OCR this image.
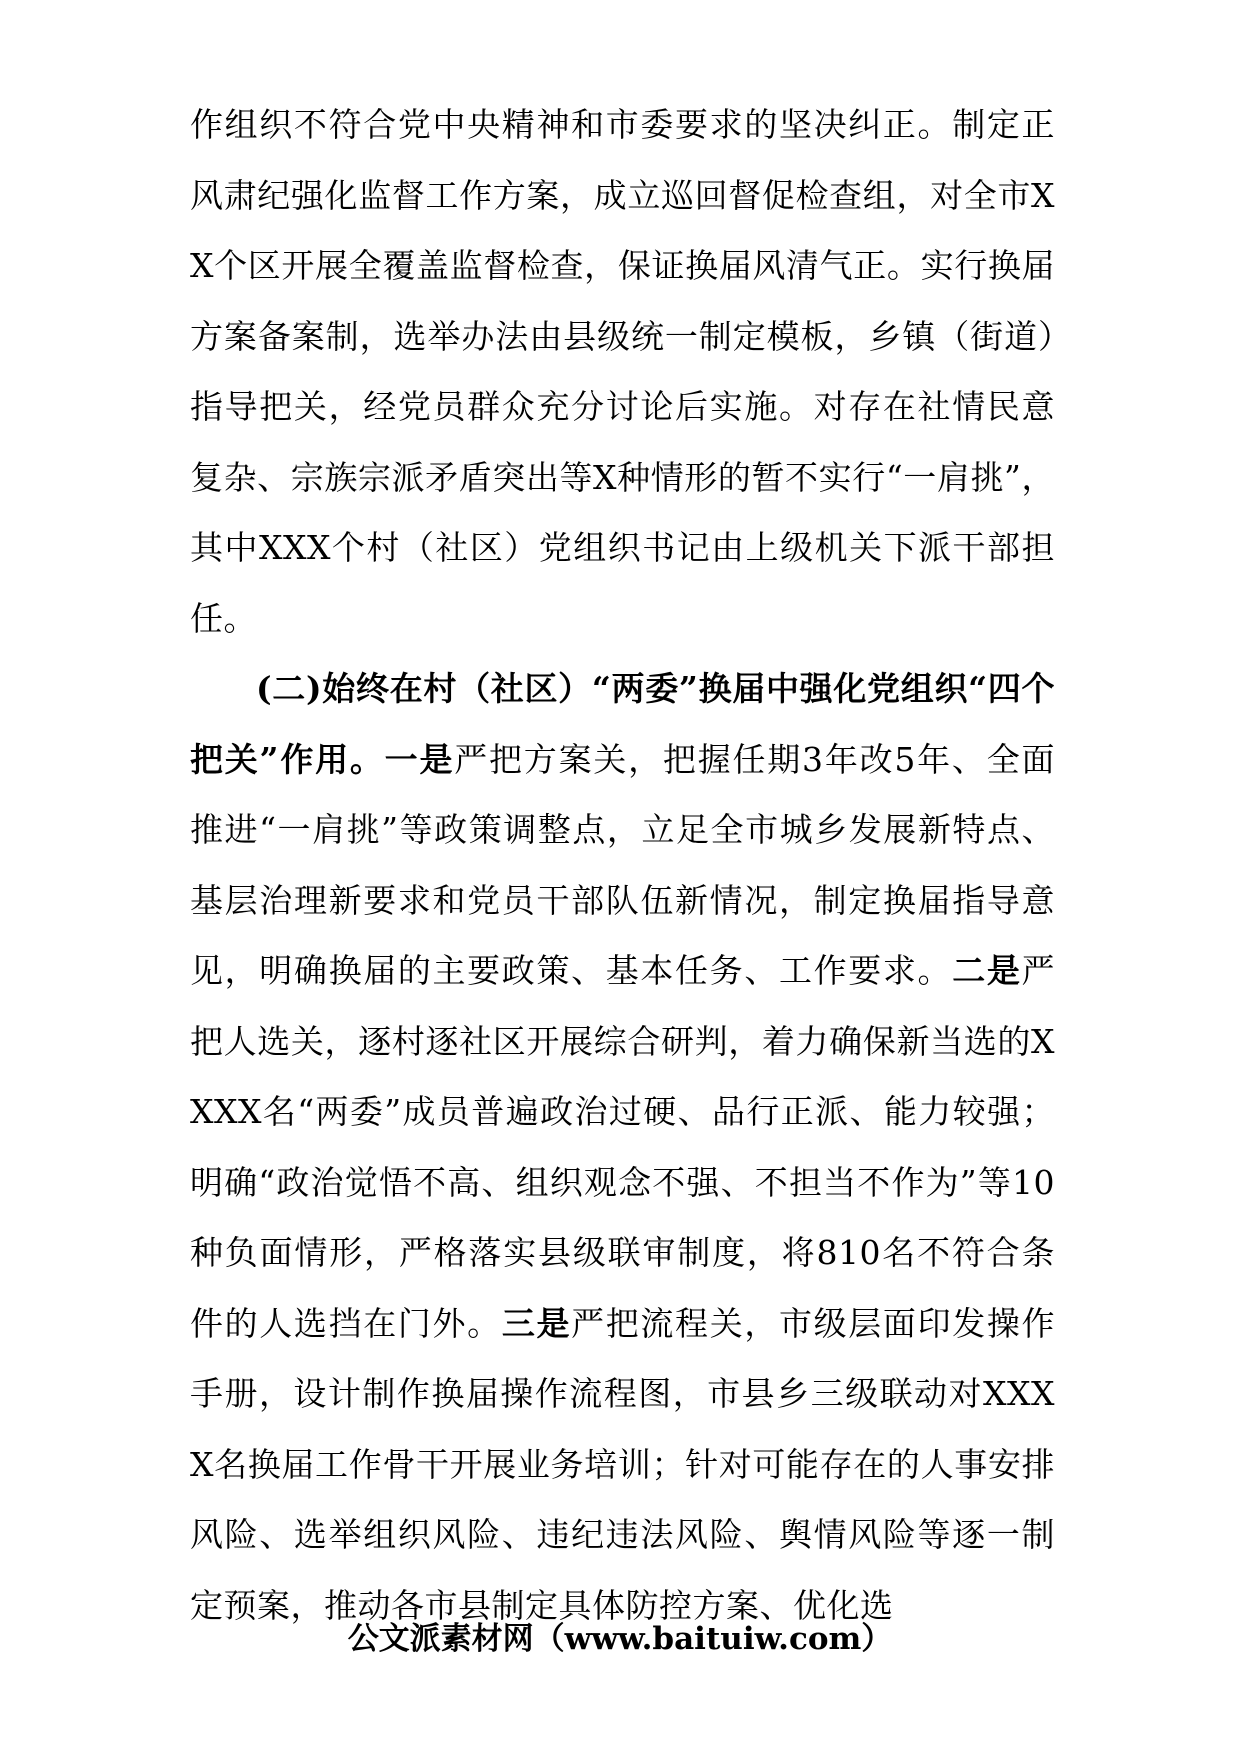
作组织不符合党中央精神和市委要求的坚决纠正。制定正风肃纪强化监督工作方案，成立巡回督促检查组，对全市XX个区开展全覆盖监督检查，保证换届风清气正。实行换届方案备案制，选举办法由县级统一制定模板，乡镇（街道）指导把关，经党员群众充分讨论后实施。对存在社情民意复杂、宗族宗派矛盾突出等X种情形的暂不实行“一肩挑”，其中XXX个村（社区）党组织书记由上级机关下派干部担任。

(二)始终在村（社区）“两委”换届中强化党组织“四个把关”作用。一是严把方案关，把握任期3年改5年、全面推进“一肩挑”等政策调整点，立足全市城乡发展新特点、基层治理新要求和党员干部队伍新情况，制定换届指导意见，明确换届的主要政策、基本任务、工作要求。二是严把人选关，逐村逐社区开展综合研判，着力确保新当选的XXXX名“两委”成员普遍政治过硬、品行正派、能力较强；明确“政治觉悟不高、组织观念不强、不担当不作为”等10种负面情形，严格落实县级联审制度，将810名不符合条件的人选挡在门外。三是严把流程关，市级层面印发操作手册，设计制作换届操作流程图，市县乡三级联动对XXXX名换届工作骨干开展业务培训；针对可能存在的人事安排风险、选举组织风险、违纪违法风险、舆情风险等逐一制定预案，推动各市县制定具体防控方案、优化选

公文派素材网（www.baituiw.com）
